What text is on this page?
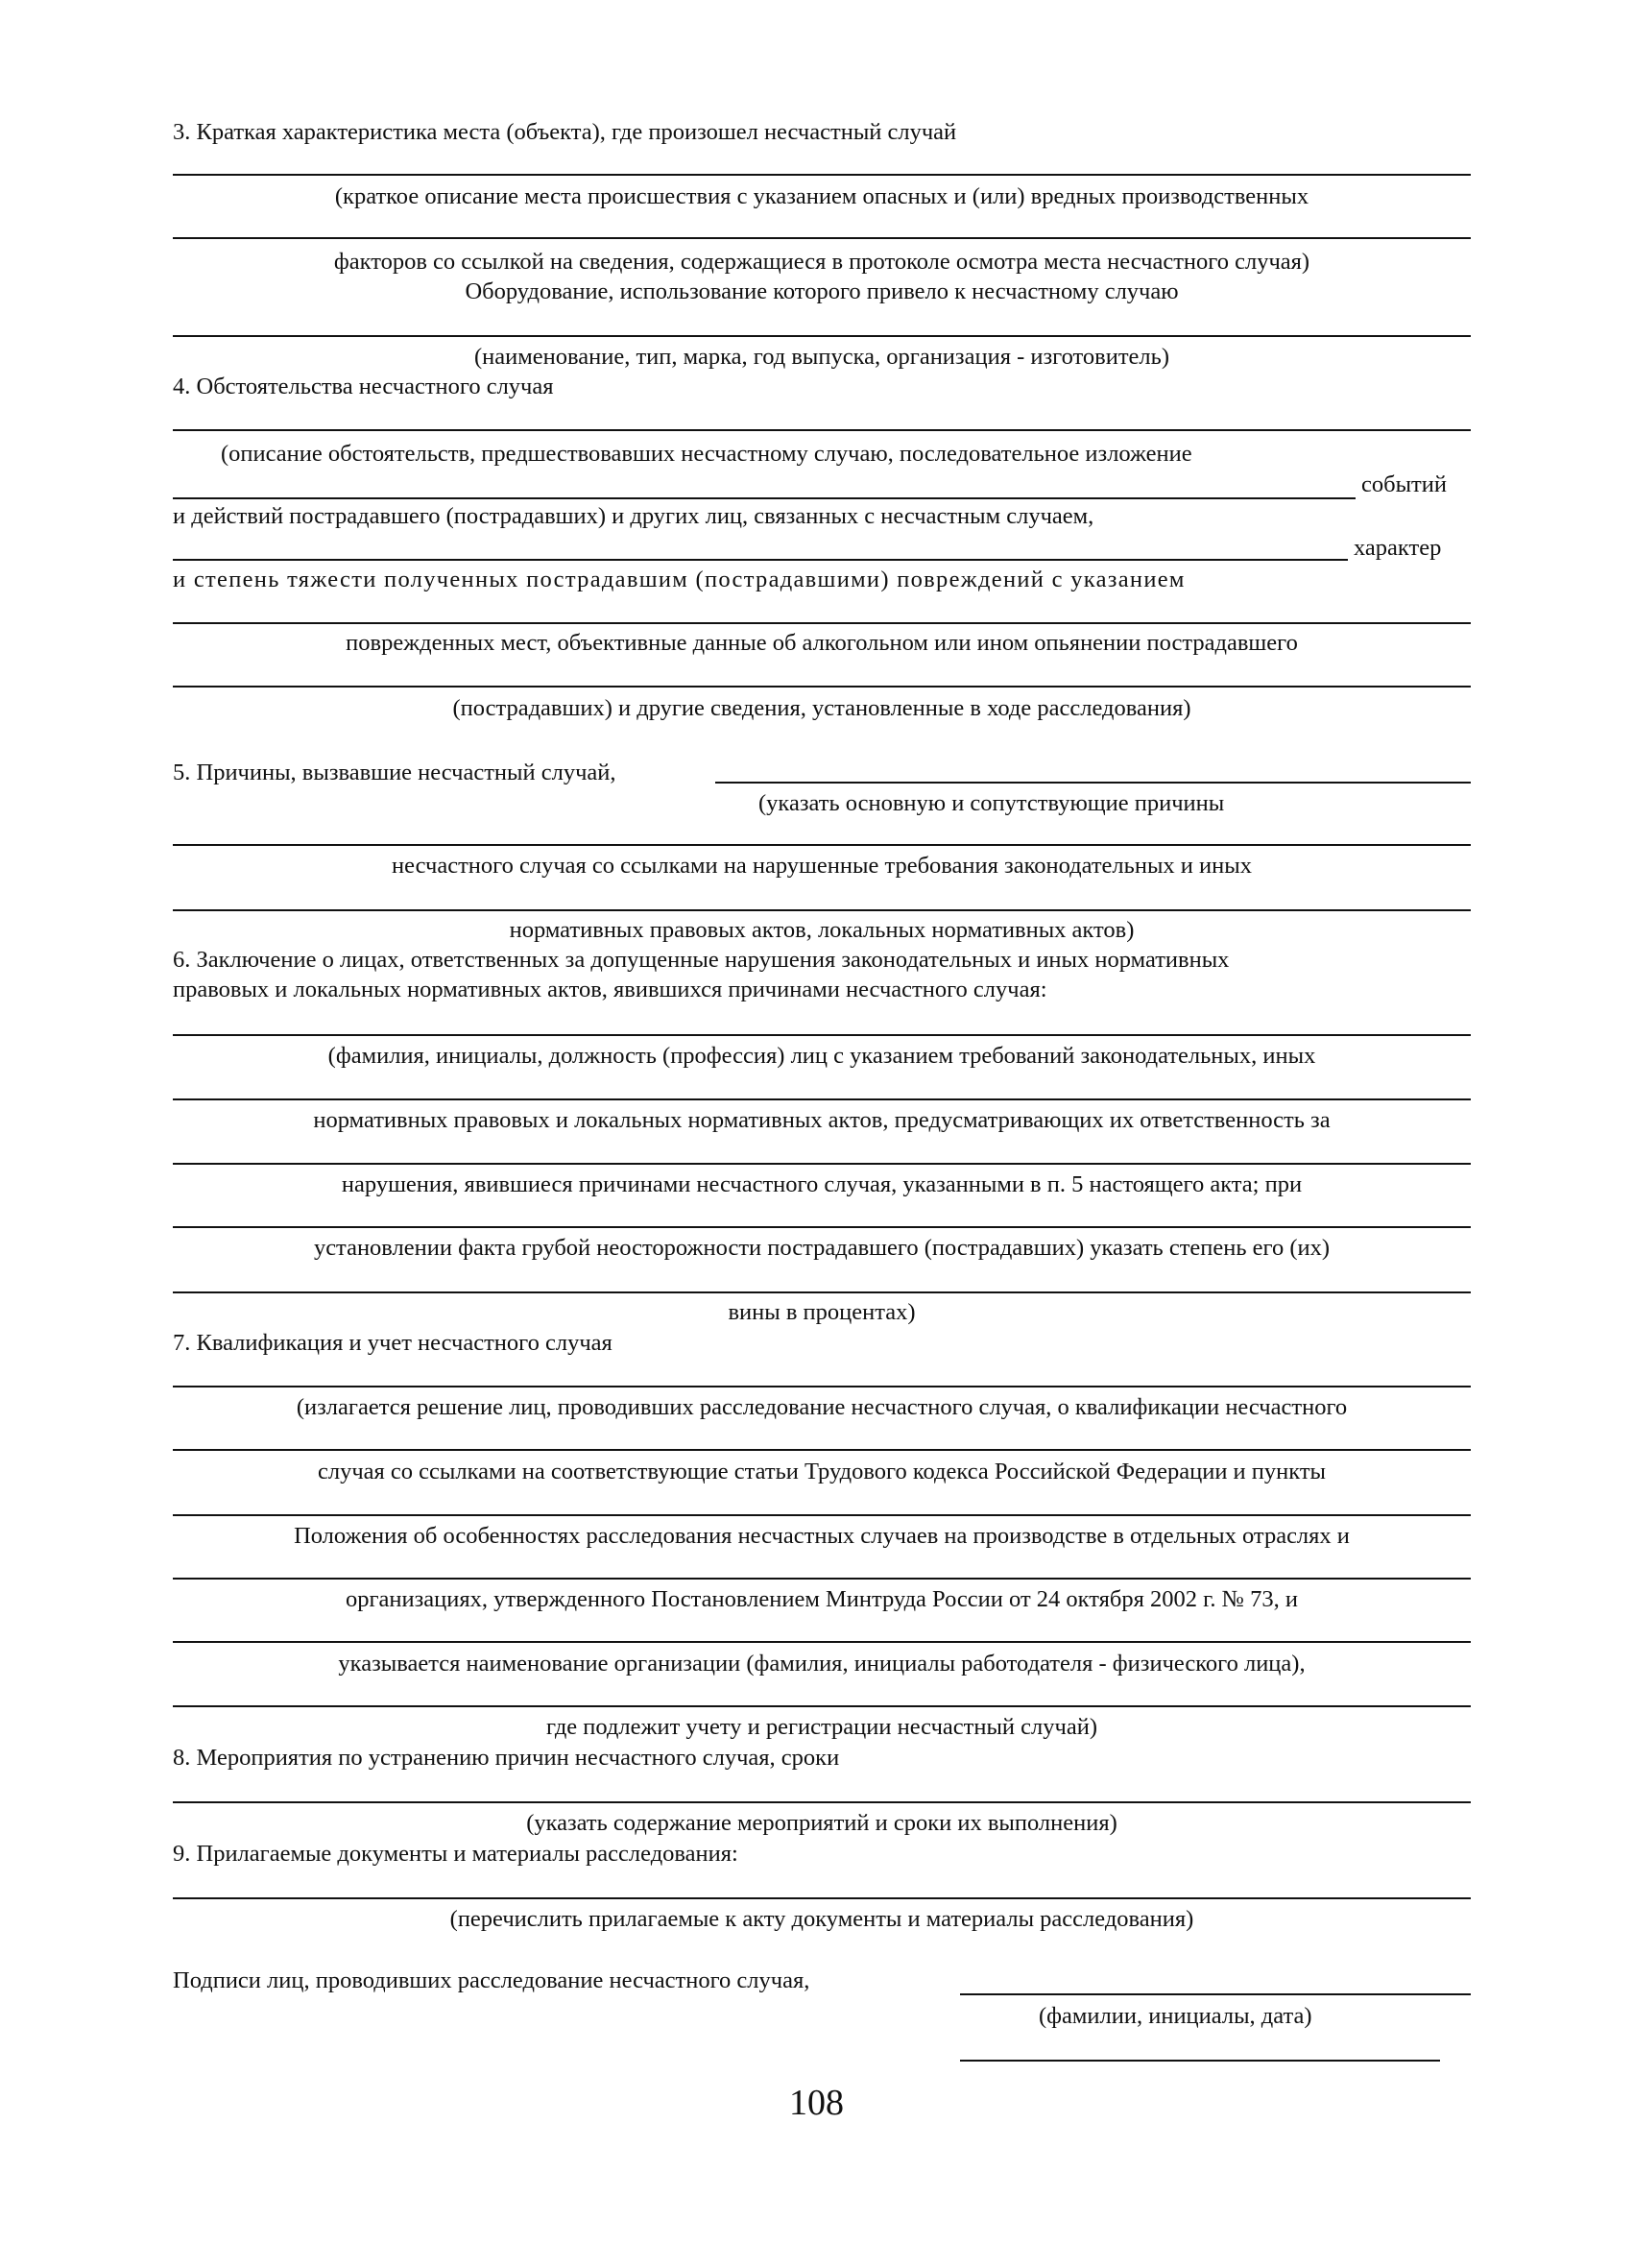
3. Краткая характеристика места (объекта), где произошел несчастный случай
(краткое описание места происшествия с указанием опасных и (или) вредных производственных
факторов со ссылкой на сведения, содержащиеся в протоколе осмотра места несчастного случая)
Оборудование, использование которого привело к несчастному случаю
(наименование, тип, марка, год выпуска, организация - изготовитель)
4. Обстоятельства несчастного случая
(описание обстоятельств, предшествовавших несчастному случаю, последовательное изложение
событий
и действий пострадавшего (пострадавших) и других лиц, связанных с несчастным случаем,
характер
и степень тяжести полученных пострадавшим (пострадавшими) повреждений с указанием
поврежденных мест, объективные данные об алкогольном или ином опьянении пострадавшего
(пострадавших) и другие сведения, установленные в ходе расследования)
5. Причины, вызвавшие несчастный случай,
(указать основную и сопутствующие причины
несчастного случая со ссылками на нарушенные требования законодательных и иных
нормативных правовых актов, локальных нормативных актов)
6. Заключение о лицах, ответственных за допущенные нарушения законодательных и иных нормативных
правовых и локальных нормативных актов, явившихся причинами несчастного случая:
(фамилия, инициалы, должность (профессия) лиц с указанием требований законодательных, иных
нормативных правовых и локальных нормативных актов, предусматривающих их ответственность за
нарушения, явившиеся причинами несчастного случая, указанными в п. 5 настоящего акта; при
установлении факта грубой неосторожности пострадавшего (пострадавших) указать степень его (их)
вины в процентах)
7. Квалификация и учет несчастного случая
(излагается решение лиц, проводивших расследование несчастного случая, о квалификации несчастного
случая со ссылками на соответствующие статьи Трудового кодекса Российской Федерации и пункты
Положения об особенностях расследования несчастных случаев на производстве в отдельных отраслях и
организациях, утвержденного Постановлением Минтруда России от 24 октября 2002 г. № 73, и
указывается наименование организации (фамилия, инициалы работодателя - физического лица),
где подлежит учету и регистрации несчастный случай)
8. Мероприятия по устранению причин несчастного случая, сроки
(указать содержание мероприятий и сроки их выполнения)
9. Прилагаемые документы и материалы расследования:
(перечислить прилагаемые к акту документы и материалы расследования)
Подписи лиц, проводивших расследование несчастного случая,
(фамилии, инициалы, дата)
108
